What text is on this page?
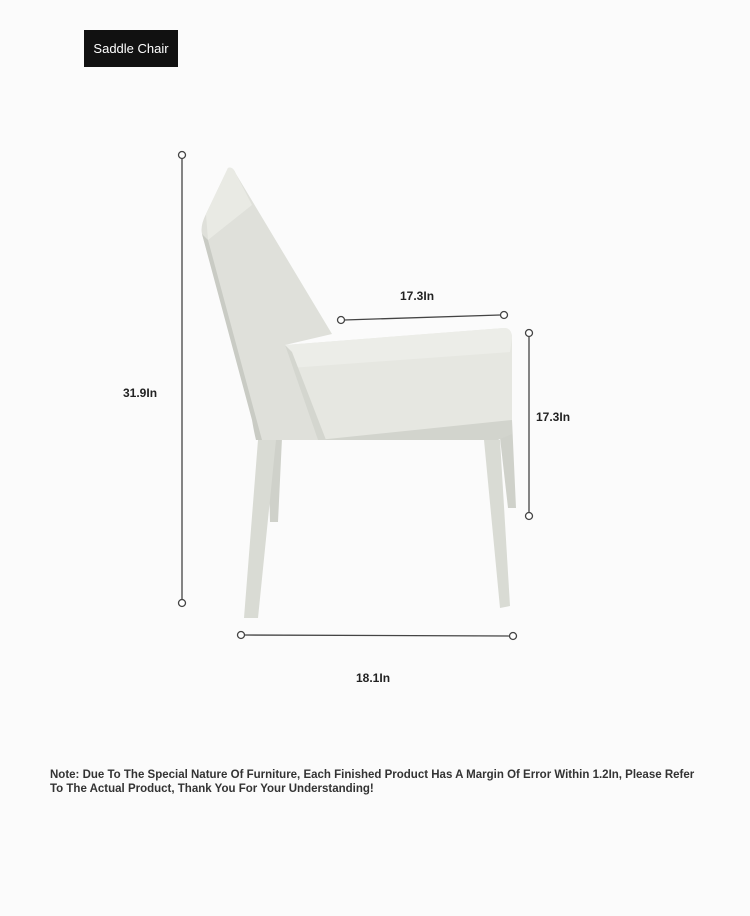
Saddle Chair
31.9In
17.3In
17.3In
18.1In
Note: Due To The Special Nature Of Furniture, Each Finished Product Has A Margin Of Error Within 1.2In, Please Refer To The Actual Product, Thank You For Your Understanding!
